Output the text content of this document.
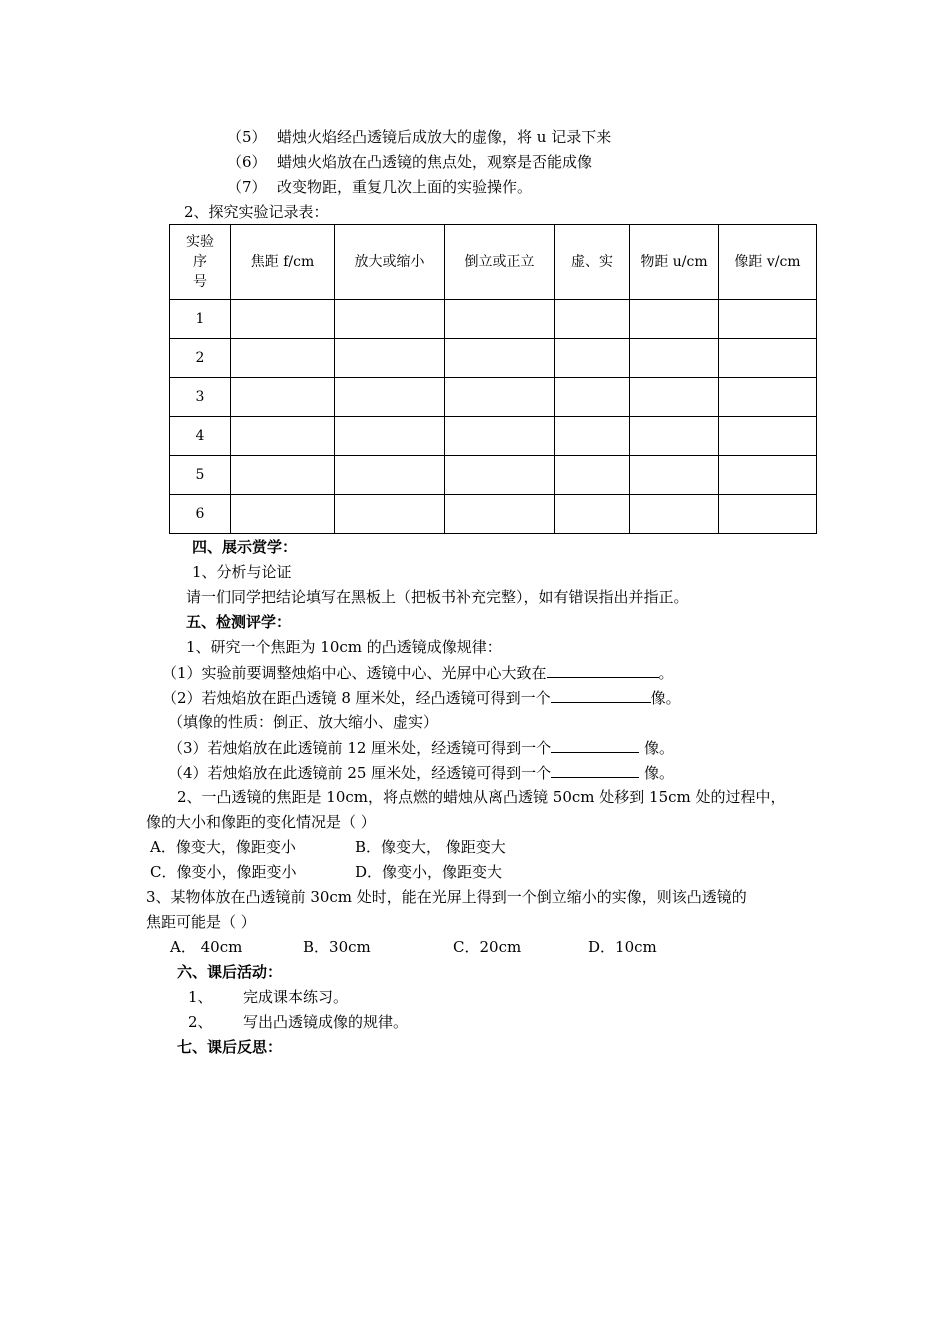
（5） 蜡烛火焰经凸透镜后成放大的虚像，将 u 记录下来
（6） 蜡烛火焰放在凸透镜的焦点处，观察是否能成像
（7） 改变物距，重复几次上面的实验操作。
2、探究实验记录表：
实验
序
号	焦距 f/cm	放大或缩小	倒立或正立	虚、实	物距 u/cm	像距 v/cm
1						
2						
3						
4						
5						
6						
四、展示赏学：
1、分析与论证
请一们同学把结论填写在黑板上（把板书补充完整），如有错误指出并指正。
五、检测评学：
1、研究一个焦距为 10cm 的凸透镜成像规律：
（1）实验前要调整烛焰中心、透镜中心、光屏中心大致在	。
（2）若烛焰放在距凸透镜 8 厘米处，经凸透镜可得到一个	像。
（填像的性质：倒正、放大缩小、虚实）
（3）若烛焰放在此透镜前 12 厘米处，经透镜可得到一个	像。
（4）若烛焰放在此透镜前 25 厘米处，经透镜可得到一个	像。
2、一凸透镜的焦距是 10cm，将点燃的蜡烛从离凸透镜 50cm 处移到 15cm 处的过程中，
像的大小和像距的变化情况是（ ）
A．像变大，像距变小	B．像变大， 像距变大
C．像变小，像距变小	D．像变小，像距变大
3、某物体放在凸透镜前 30cm 处时，能在光屏上得到一个倒立缩小的实像，则该凸透镜的
焦距可能是（ ）
A． 40cm	B．30cm	C．20cm	D．10cm
六、课后活动：
1、 完成课本练习。
2、 写出凸透镜成像的规律。
七、课后反思：
